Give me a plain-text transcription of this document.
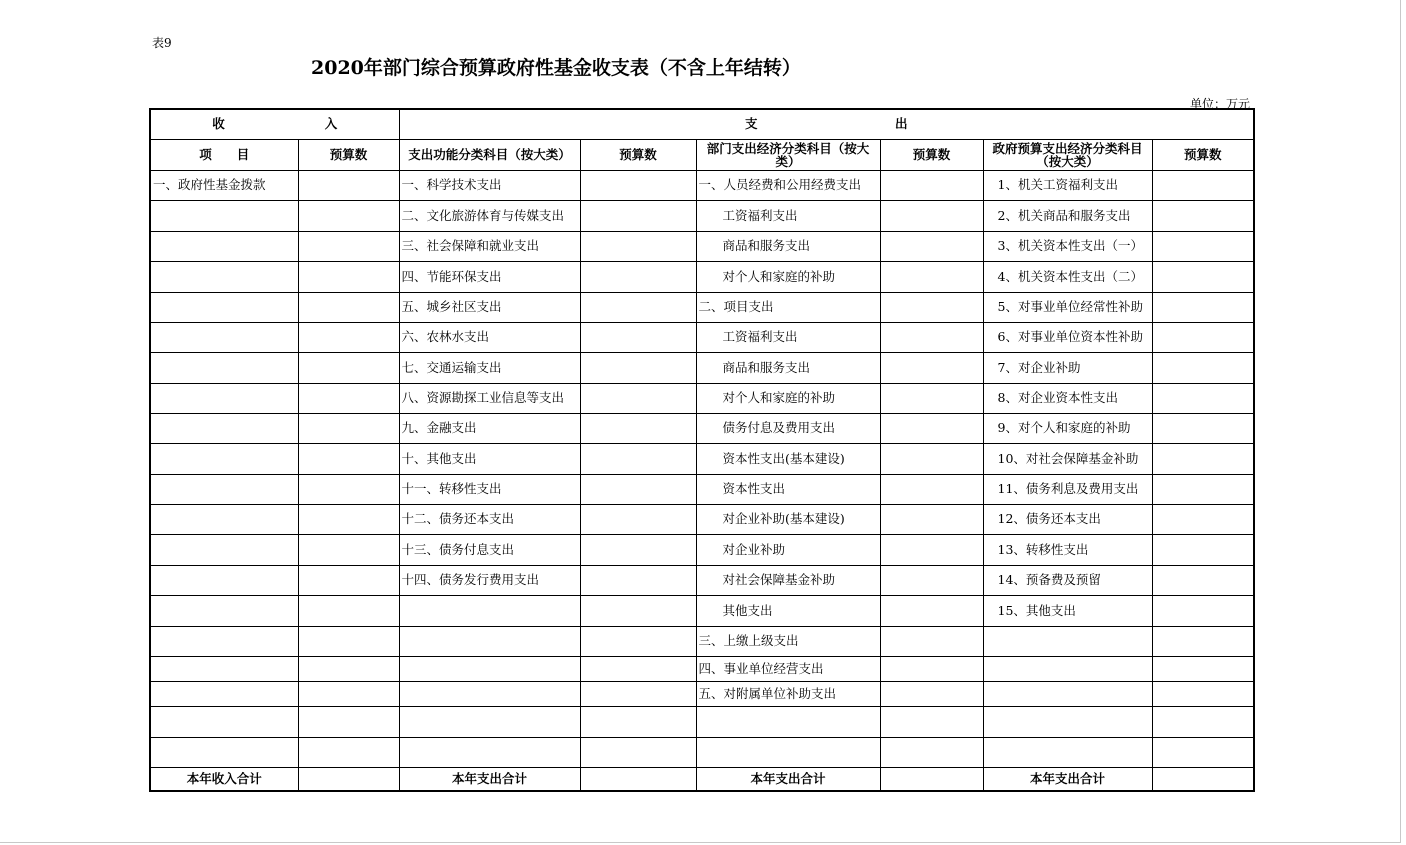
表9
2020年部门综合预算政府性基金收支表（不含上年结转）
单位：万元
收　　　　　　　　入		支　　　　　　　　　　　出					
项　　目	预算数	支出功能分类科目（按大类）	预算数	部门支出经济分类科目（按大类）	预算数	政府预算支出经济分类科目（按大类）	预算数
一、政府性基金拨款		一、科学技术支出		一、人员经费和公用经费支出		1、机关工资福利支出	
		二、文化旅游体育与传媒支出		工资福利支出		2、机关商品和服务支出	
		三、社会保障和就业支出		商品和服务支出		3、机关资本性支出（一）	
		四、节能环保支出		对个人和家庭的补助		4、机关资本性支出（二）	
		五、城乡社区支出		二、项目支出		5、对事业单位经常性补助	
		六、农林水支出		工资福利支出		6、对事业单位资本性补助	
		七、交通运输支出		商品和服务支出		7、对企业补助	
		八、资源勘探工业信息等支出		对个人和家庭的补助		8、对企业资本性支出	
		九、金融支出		债务付息及费用支出		9、对个人和家庭的补助	
		十、其他支出		资本性支出(基本建设)		10、对社会保障基金补助	
		十一、转移性支出		资本性支出		11、债务利息及费用支出	
		十二、债务还本支出		对企业补助(基本建设)		12、债务还本支出	
		十三、债务付息支出		对企业补助		13、转移性支出	
		十四、债务发行费用支出		对社会保障基金补助		14、预备费及预留	
				其他支出		15、其他支出	
				三、上缴上级支出			
				四、事业单位经营支出			
				五、对附属单位补助支出			

本年收入合计		本年支出合计		本年支出合计		本年支出合计	
